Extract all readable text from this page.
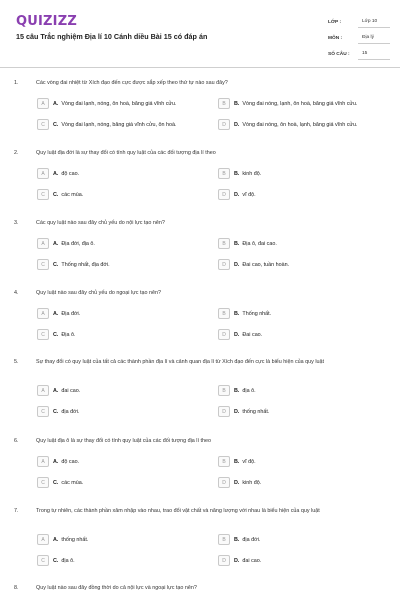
QUIZIZZ
15 câu Trắc nghiệm Địa lí 10 Cánh diều Bài 15 có đáp án
LỚP :	Lớp 10
MÔN :	Địa lý
SỐ CÂU :	15
1.	Các vòng đai nhiệt từ Xích đạo đến cực được sắp xếp theo thứ tự nào sau đây?
A	A . Vòng đai lạnh, nóng, ôn hoà, băng giá vĩnh cửu.	B	B . Vòng đai nóng, lạnh, ôn hoà, băng giá vĩnh cửu.
C	C . Vòng đai lạnh, nóng, băng giá vĩnh cửu, ôn hoà.	D	D . Vòng đai nóng, ôn hoà, lạnh, băng giá vĩnh cửu.
2.	Quy luật địa đới là sự thay đổi có tính quy luật của các đối tượng địa lí theo
A	A . độ cao.	B	B . kinh độ.
C	C . các mùa.	D	D . vĩ độ.
3.	Các quy luật nào sau đây chủ yếu do nội lực tạo nên?
A	A . Địa đới, địa ô.	B	B . Địa ô, đai cao.
C	C . Thống nhất, địa đới.	D	D . Đai cao, tuần hoàn.
4.	Quy luật nào sau đây chủ yếu do ngoại lực tạo nên?
A	A . Địa đới.	B	B . Thống nhất.
C	C . Địa ô.	D	D . Đai cao.
5.	Sự thay đổi có quy luật của tất cả các thành phần địa lí và cảnh quan địa lí từ Xích đạo đến cực là biểu hiện của quy luật
A	A . đai cao.	B	B . địa ô.
C	C . địa đới.	D	D . thống nhất.
6.	Quy luật địa ô là sự thay đổi có tính quy luật của các đối tượng địa lí theo
A	A . độ cao.	B	B . vĩ độ.
C	C . các mùa.	D	D . kinh độ.
7.	Trong tự nhiên, các thành phần xâm nhập vào nhau, trao đổi vật chất và năng lượng với nhau là biểu hiện của quy luật
A	A . thống nhất.	B	B . địa đới.
C	C . địa ô.	D	D . đai cao.
8.	Quy luật nào sau đây đồng thời do cả nội lực và ngoại lực tạo nên?
